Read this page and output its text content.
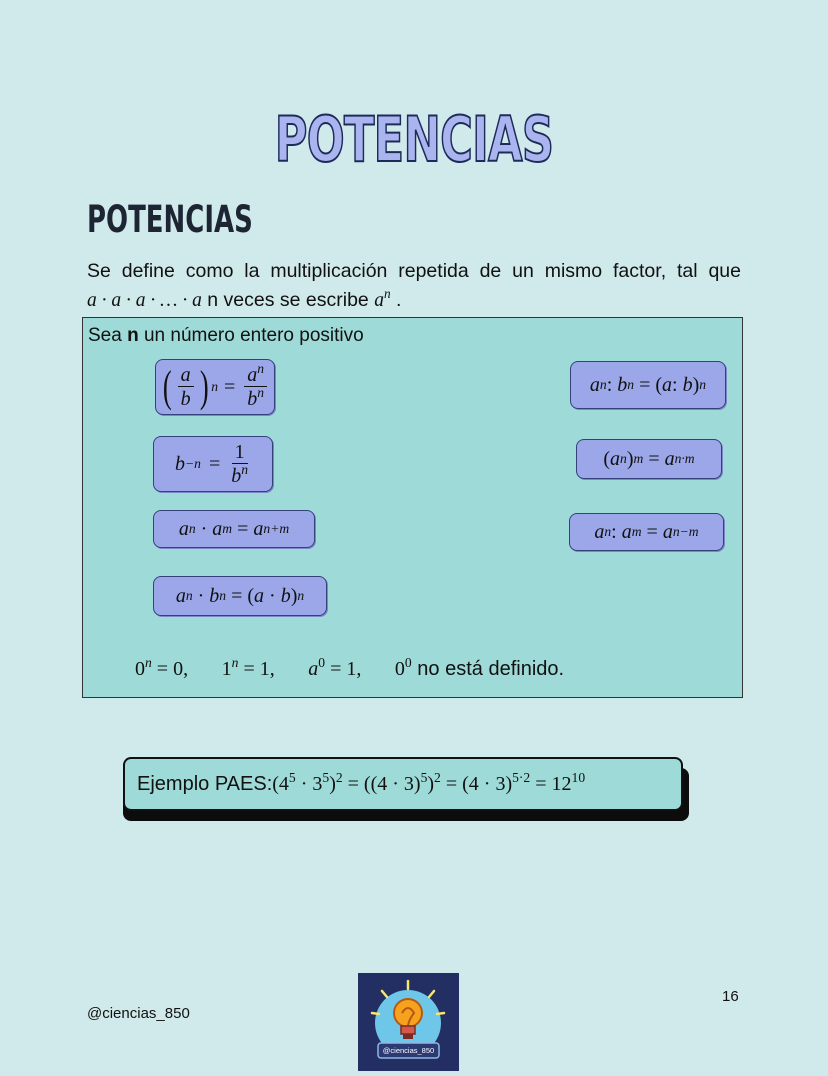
POTENCIAS
POTENCIAS
Se define como la multiplicación repetida de un mismo factor, tal que
a · a · a · … · a n veces se escribe $a^n$ .
Sea n un número entero positivo
( $\frac{a}{b}$ ) $n = \frac{a^n}{b^n}$
$b -n = \frac{1}{b^n}$
a n · a m = a n+m
a n · b n = ( a · b ) n
a n : b n = ( a : b ) n
( a n ) m = a n·m
a n : a m = a n−m
$0^n = 0$, $1^n = 1$, $a^0 = 1$, $0^0$ no está definido.
Ejemplo PAES: $(4^5 \cdot 3^5)^2 = ((4 \cdot 3)^5)^2 = (4 \cdot 3)^{5\cdot 2} = 12^{10}$
@ciencias_850
16
@ciencias_850
